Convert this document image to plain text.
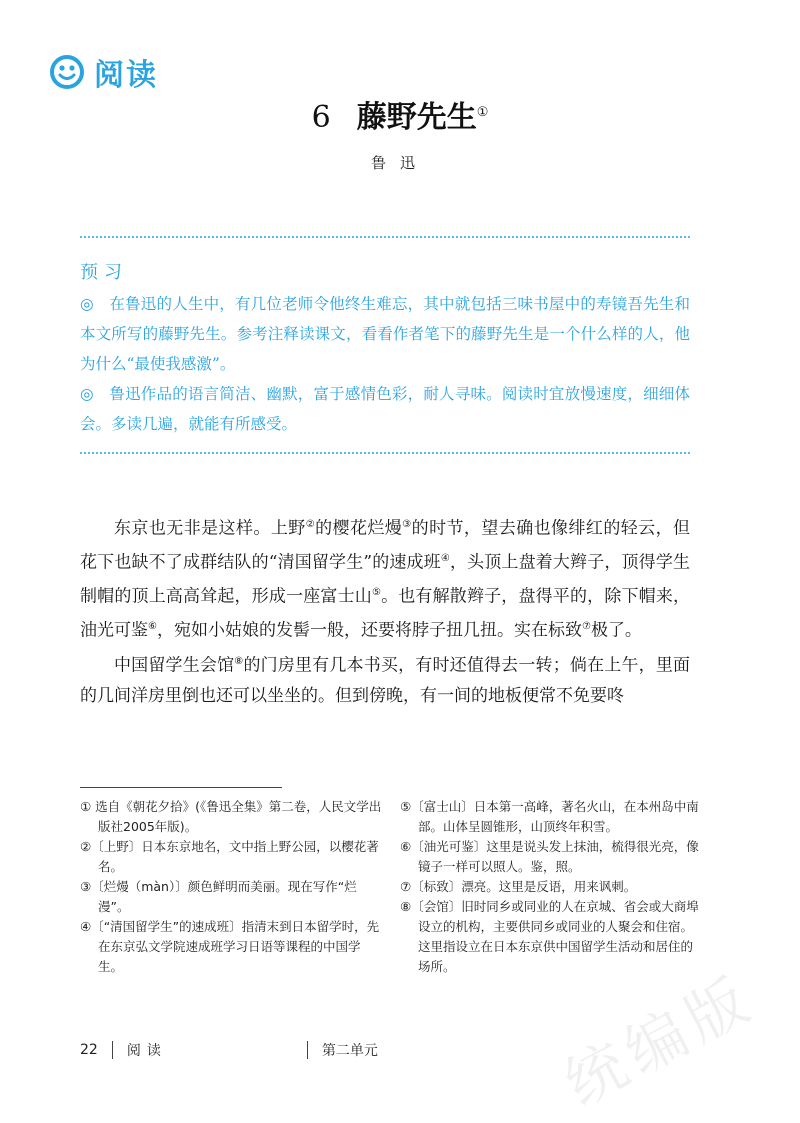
阅读
6 藤野先生①
鲁迅
预习
◎　在鲁迅的人生中，有几位老师令他终生难忘，其中就包括三味书屋中的寿镜吾先生和本文所写的藤野先生。参考注释读课文，看看作者笔下的藤野先生是一个什么样的人，他为什么“最使我感激”。
◎　鲁迅作品的语言简洁、幽默，富于感情色彩，耐人寻味。阅读时宜放慢速度，细细体会。多读几遍，就能有所感受。

东京也无非是这样。上野②的樱花烂熳③的时节，望去确也像绯红的轻云，但花下也缺不了成群结队的“清国留学生”的速成班④，头顶上盘着大辫子，顶得学生制帽的顶上高高耸起，形成一座富士山⑤。也有解散辫子，盘得平的，除下帽来，油光可鉴⑥，宛如小姑娘的发髻一般，还要将脖子扭几扭。实在标致⑦极了。

中国留学生会馆⑧的门房里有几本书买，有时还值得去一转；倘在上午，里面的几间洋房里倒也还可以坐坐的。但到傍晚，有一间的地板便常不免要咚

① 选自《朝花夕拾》(《鲁迅全集》第二卷，人民文学出版社2005年版)。

②〔上野〕日本东京地名，文中指上野公园，以樱花著名。

③〔烂熳（màn）〕颜色鲜明而美丽。现在写作“烂漫”。

④〔“清国留学生”的速成班〕指清末到日本留学时，先在东京弘文学院速成班学习日语等课程的中国学生。

⑤〔富士山〕日本第一高峰，著名火山，在本州岛中南部。山体呈圆锥形，山顶终年积雪。

⑥〔油光可鉴〕这里是说头发上抹油，梳得很光亮，像镜子一样可以照人。鉴，照。

⑦〔标致〕漂亮。这里是反语，用来讽刺。

⑧〔会馆〕旧时同乡或同业的人在京城、省会或大商埠设立的机构，主要供同乡或同业的人聚会和住宿。这里指设立在日本东京供中国留学生活动和居住的场所。

22 阅读	第二单元	统编版
